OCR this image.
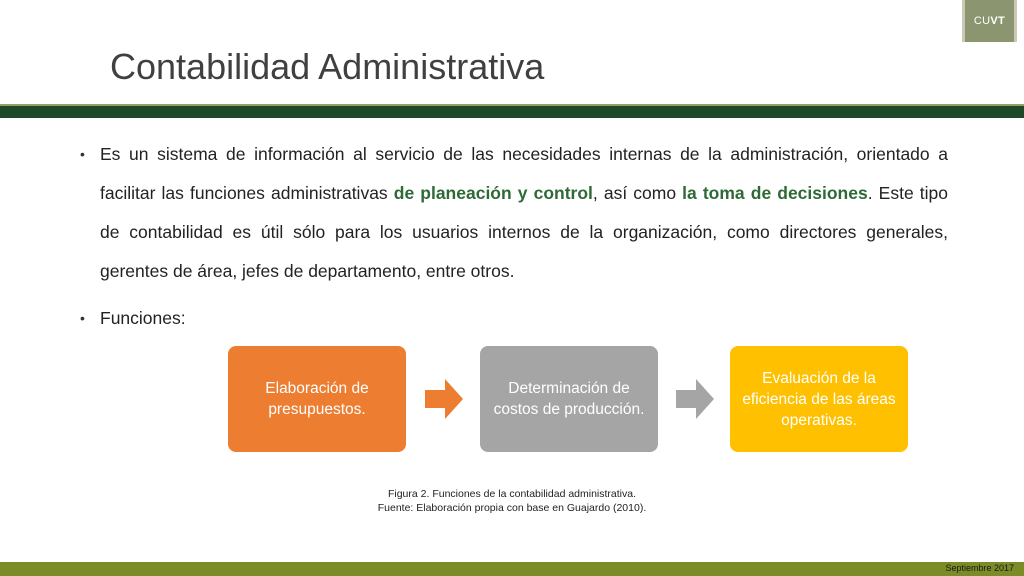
CU VT
Contabilidad Administrativa
• Es un sistema de información al servicio de las necesidades internas de la administración, orientado a facilitar las funciones administrativas de planeación y control, así como la toma de decisiones. Este tipo de contabilidad es útil sólo para los usuarios internos de la organización, como directores generales, gerentes de área, jefes de departamento, entre otros.
• Funciones:
Elaboración de presupuestos.
Determinación de costos de producción.
Evaluación de la eficiencia de las áreas operativas.
Figura 2. Funciones de la contabilidad administrativa.
Fuente: Elaboración propia con base en Guajardo (2010).
Septiembre 2017
